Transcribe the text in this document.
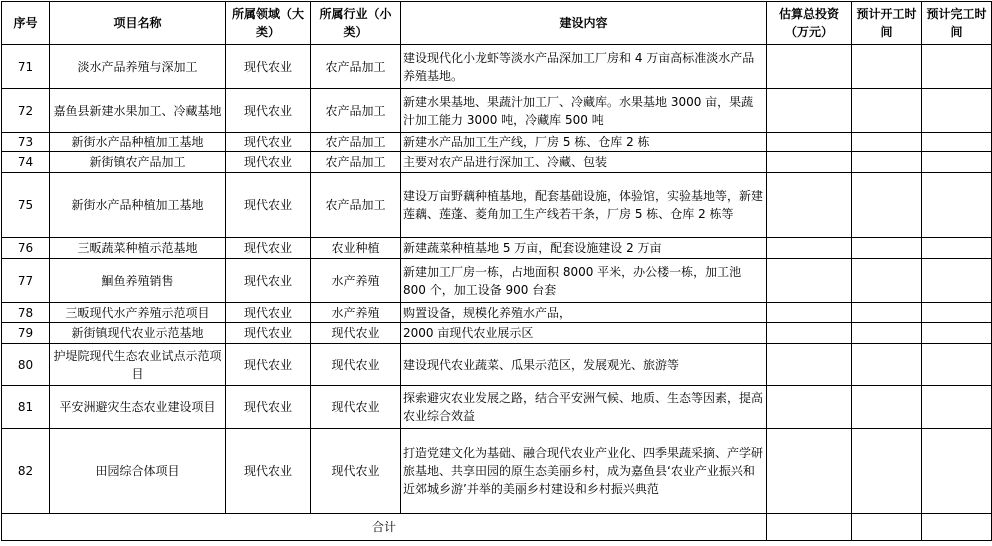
序号	项目名称	所属领域（大类）	所属行业（小类）	建设内容	估算总投资（万元）	预计开工时间	预计完工时间
71	淡水产品养殖与深加工	现代农业	农产品加工	建设现代化小龙虾等淡水产品深加工厂房和 4 万亩高标准淡水产品养殖基地。			
72	嘉鱼县新建水果加工、冷藏基地	现代农业	农产品加工	新建水果基地、果蔬汁加工厂、冷藏库。水果基地 3000 亩，果蔬汁加工能力 3000 吨，冷藏库 500 吨			
73	新街水产品种植加工基地	现代农业	农产品加工	新建水产品加工生产线，厂房 5 栋、仓库 2 栋			
74	新街镇农产品加工	现代农业	农产品加工	主要对农产品进行深加工、冷藏、包装			
75	新街水产品种植加工基地	现代农业	农产品加工	建设万亩野藕种植基地，配套基础设施，体验馆，实验基地等，新建莲藕、莲蓬、菱角加工生产线若干条，厂房 5 栋、仓库 2 栋等			
76	三畈蔬菜种植示范基地	现代农业	农业种植	新建蔬菜种植基地 5 万亩，配套设施建设 2 万亩			
77	鮰鱼养殖销售	现代农业	水产养殖	新建加工厂房一栋，占地面积 8000 平米，办公楼一栋，加工池 800 个，加工设备 900 台套			
78	三畈现代水产养殖示范项目	现代农业	水产养殖	购置设备，规模化养殖水产品，			
79	新街镇现代农业示范基地	现代农业	现代农业	2000 亩现代农业展示区			
80	护堤院现代生态农业试点示范项目	现代农业	现代农业	建设现代农业蔬菜、瓜果示范区，发展观光、旅游等			
81	平安洲避灾生态农业建设项目	现代农业	现代农业	探索避灾农业发展之路，结合平安洲气候、地质、生态等因素，提高农业综合效益			
82	田园综合体项目	现代农业	现代农业	打造党建文化为基础、融合现代农业产业化、四季果蔬采摘、产学研旅基地、共享田园的原生态美丽乡村，成为嘉鱼县‘农业产业振兴和近郊城乡游’并举的美丽乡村建设和乡村振兴典范			
合计							
